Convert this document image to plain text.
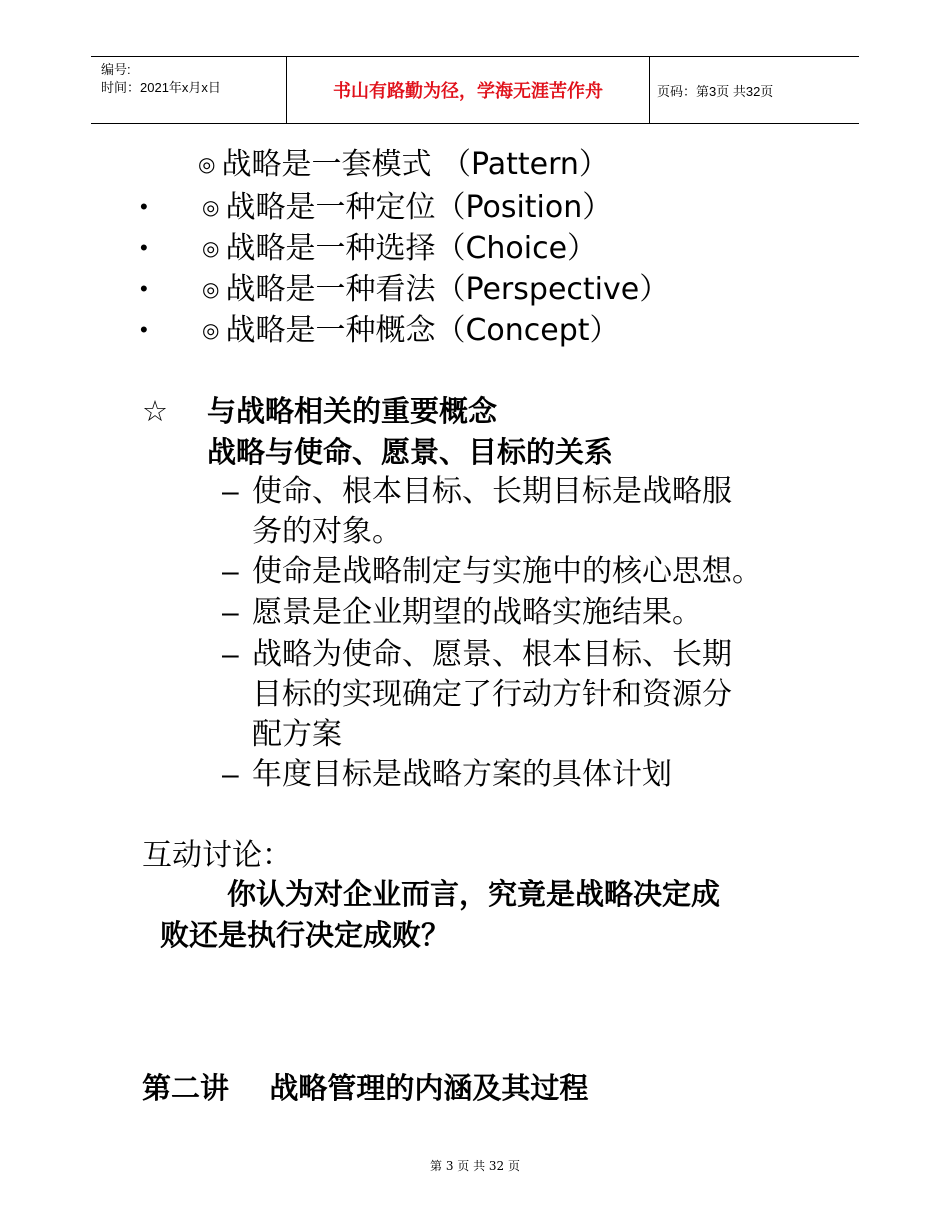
编号:
时间：2021年x月x日	书山有路勤为径，学海无涯苦作舟	页码：第3页 共32页
◎ 战略是一套模式 （Pattern）
•	◎ 战略是一种定位（Position）
•	◎ 战略是一种选择（Choice）
•	◎ 战略是一种看法（Perspective）
•	◎ 战略是一种概念（Concept）
☆ 与战略相关的重要概念
战略与使命、愿景、目标的关系
– 使命、根本目标、长期目标是战略服
务的对象。
– 使命是战略制定与实施中的核心思想。
– 愿景是企业期望的战略实施结果。
– 战略为使命、愿景、根本目标、长期
目标的实现确定了行动方针和资源分
配方案
– 年度目标是战略方案的具体计划
互动讨论：
你认为对企业而言，究竟是战略决定成
败还是执行决定成败？
第二讲    战略管理的内涵及其过程
第 3 页 共 32 页
